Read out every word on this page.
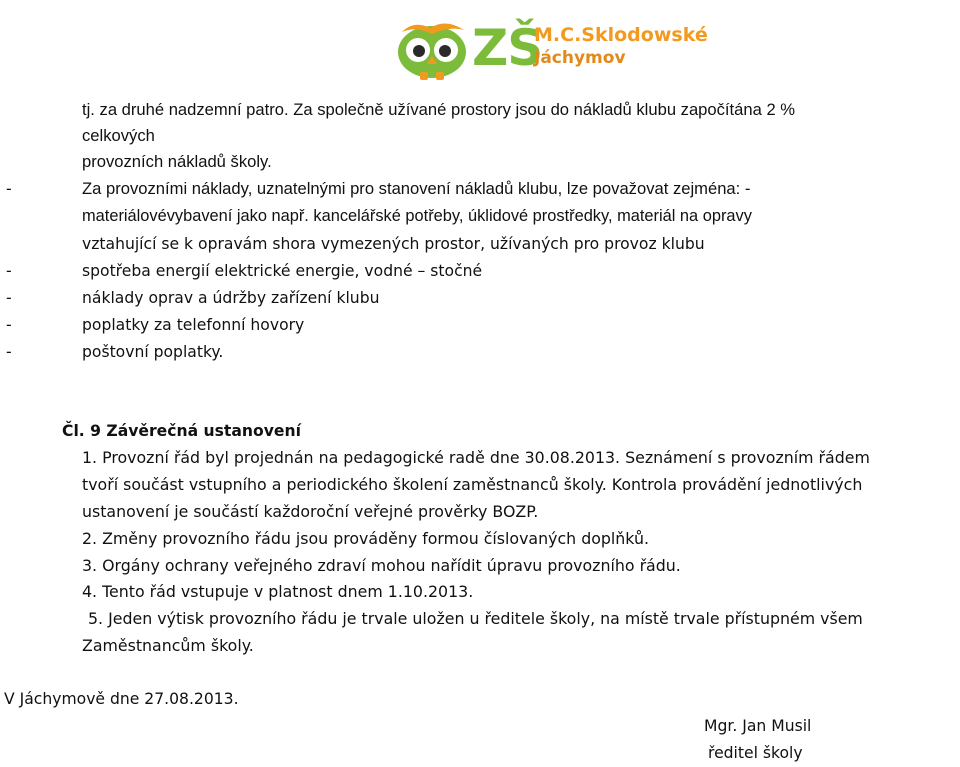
ZŠ
M.C.Sklodowské
Jáchymov
tj. za druhé nadzemní patro. Za společně užívané prostory jsou do nákladů klubu započítána 2 %
celkových
provozních nákladů školy.
-	Za provozními náklady, uznatelnými pro stanovení nákladů klubu, lze považovat zejména: -
materiálovévybavení jako např. kancelářské potřeby, úklidové prostředky, materiál na opravy
vztahující se k opravám shora vymezených prostor, užívaných pro provoz klubu
-	spotřeba energií elektrické energie, vodné – stočné
-	náklady oprav a údržby zařízení klubu
-	poplatky za telefonní hovory
-	poštovní poplatky.
Čl. 9 Závěrečná ustanovení
1. Provozní řád byl projednán na pedagogické radě dne 30.08.2013. Seznámení s provozním řádem
tvoří součást vstupního a periodického školení zaměstnanců školy. Kontrola provádění jednotlivých
ustanovení je součástí každoroční veřejné prověrky BOZP.
2. Změny provozního řádu jsou prováděny formou číslovaných doplňků.
3. Orgány ochrany veřejného zdraví mohou nařídit úpravu provozního řádu.
4. Tento řád vstupuje v platnost dnem 1.10.2013.
5. Jeden výtisk provozního řádu je trvale uložen u ředitele školy, na místě trvale přístupném všem
Zaměstnancům školy.
V Jáchymově dne 27.08.2013.
Mgr. Jan Musil
ředitel školy
